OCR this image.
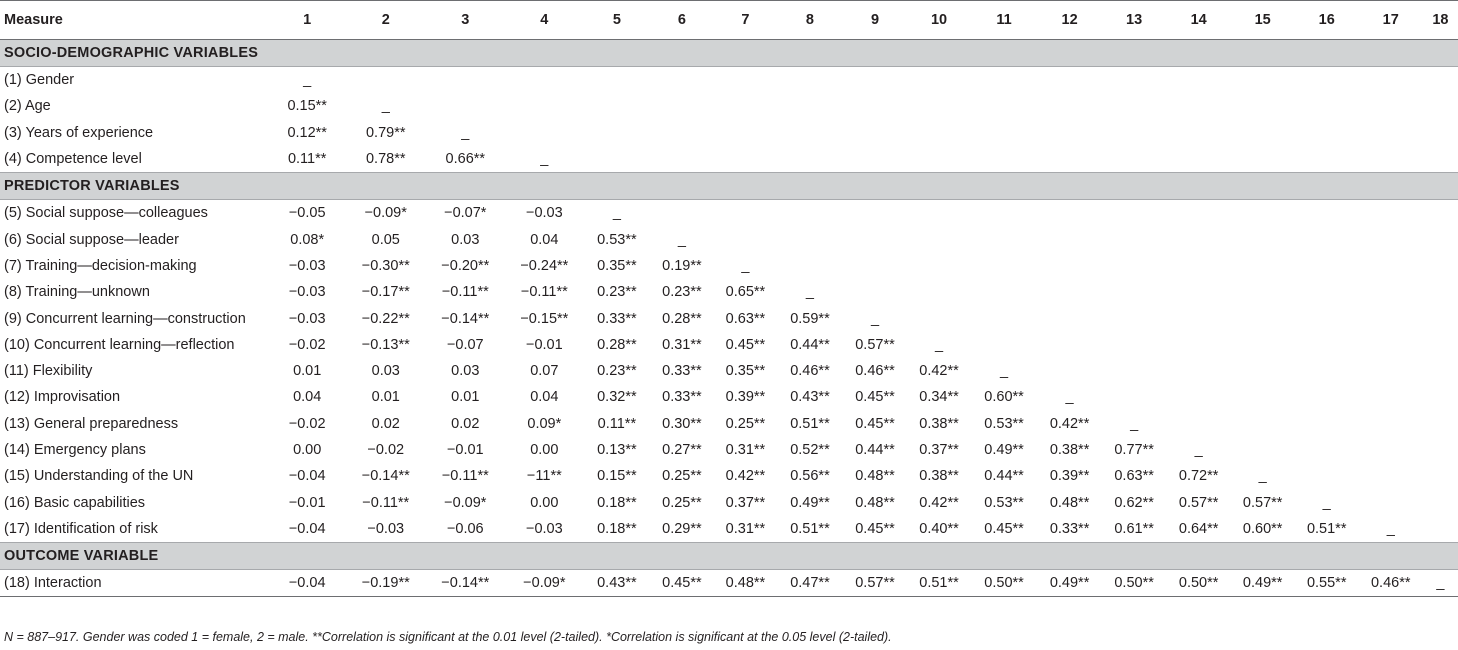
Measure	1	2	3	4	5	6	7	8	9	10	11	12	13	14	15	16	17	18
SOCIO-DEMOGRAPHIC VARIABLES																		
(1) Gender	_																	
(2) Age	0.15**	_																
(3) Years of experience	0.12**	0.79**	_															
(4) Competence level	0.11**	0.78**	0.66**	_														
PREDICTOR VARIABLES																		
(5) Social suppose—colleagues	−0.05	−0.09*	−0.07*	−0.03	_													
(6) Social suppose—leader	0.08*	0.05	0.03	0.04	0.53**	_												
(7) Training—decision-making	−0.03	−0.30**	−0.20**	−0.24**	0.35**	0.19**	_											
(8) Training—unknown	−0.03	−0.17**	−0.11**	−0.11**	0.23**	0.23**	0.65**	_										
(9) Concurrent learning—construction	−0.03	−0.22**	−0.14**	−0.15**	0.33**	0.28**	0.63**	0.59**	_									
(10) Concurrent learning—reflection	−0.02	−0.13**	−0.07	−0.01	0.28**	0.31**	0.45**	0.44**	0.57**	_								
(11) Flexibility	0.01	0.03	0.03	0.07	0.23**	0.33**	0.35**	0.46**	0.46**	0.42**	_							
(12) Improvisation	0.04	0.01	0.01	0.04	0.32**	0.33**	0.39**	0.43**	0.45**	0.34**	0.60**	_						
(13) General preparedness	−0.02	0.02	0.02	0.09*	0.11**	0.30**	0.25**	0.51**	0.45**	0.38**	0.53**	0.42**	_					
(14) Emergency plans	0.00	−0.02	−0.01	0.00	0.13**	0.27**	0.31**	0.52**	0.44**	0.37**	0.49**	0.38**	0.77**	_				
(15) Understanding of the UN	−0.04	−0.14**	−0.11**	−11**	0.15**	0.25**	0.42**	0.56**	0.48**	0.38**	0.44**	0.39**	0.63**	0.72**	_			
(16) Basic capabilities	−0.01	−0.11**	−0.09*	0.00	0.18**	0.25**	0.37**	0.49**	0.48**	0.42**	0.53**	0.48**	0.62**	0.57**	0.57**	_		
(17) Identification of risk	−0.04	−0.03	−0.06	−0.03	0.18**	0.29**	0.31**	0.51**	0.45**	0.40**	0.45**	0.33**	0.61**	0.64**	0.60**	0.51**	_	
OUTCOME VARIABLE																		
(18) Interaction	−0.04	−0.19**	−0.14**	−0.09*	0.43**	0.45**	0.48**	0.47**	0.57**	0.51**	0.50**	0.49**	0.50**	0.50**	0.49**	0.55**	0.46**	_
N = 887–917. Gender was coded 1 = female, 2 = male. **Correlation is significant at the 0.01 level (2-tailed). *Correlation is significant at the 0.05 level (2-tailed).
